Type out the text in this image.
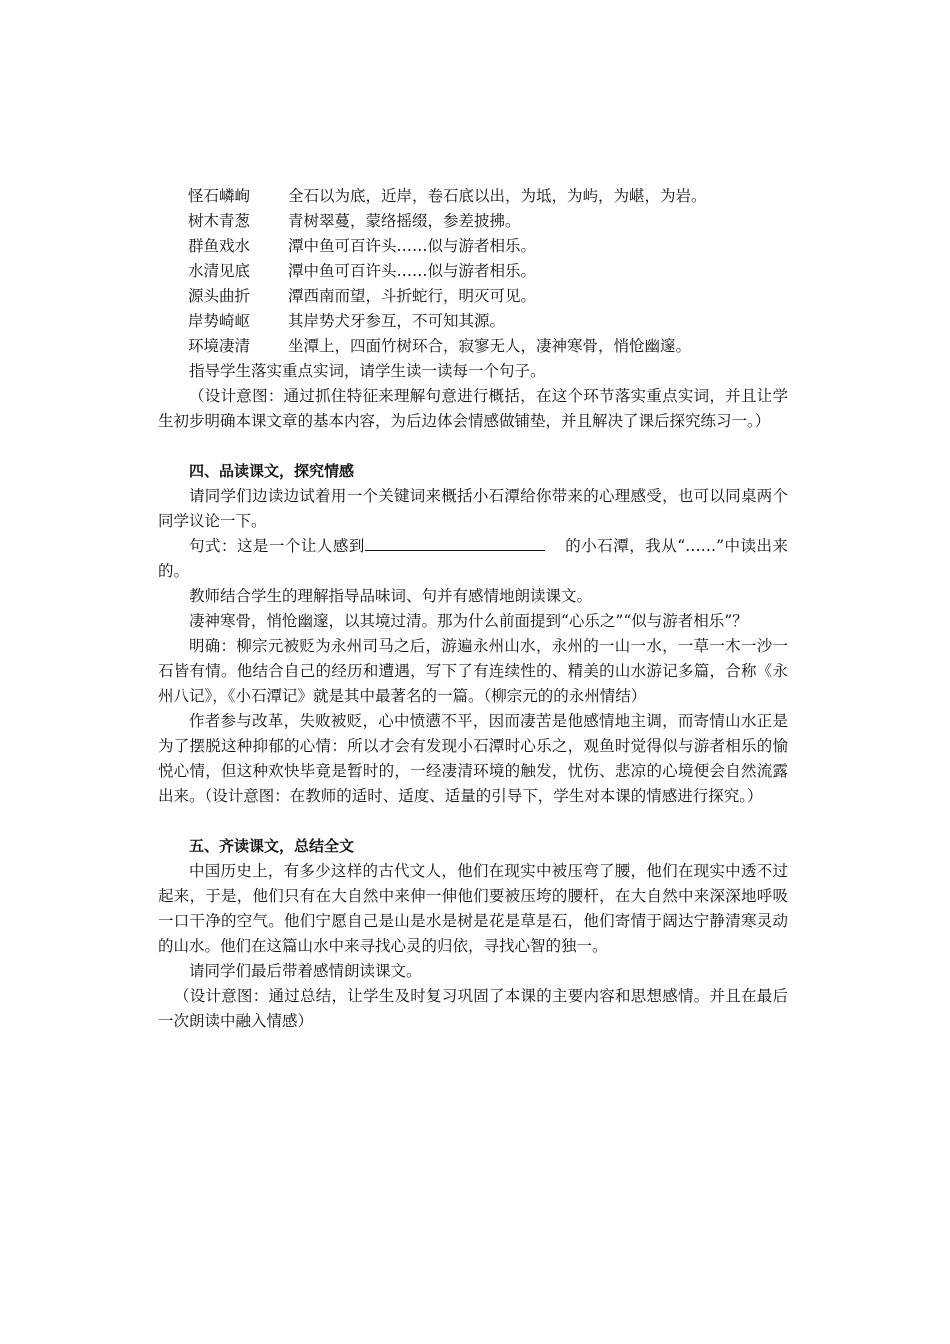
怪石嶙峋	全石以为底，近岸，卷石底以出，为坻，为屿，为嵁，为岩。
树木青葱	青树翠蔓，蒙络摇缀，参差披拂。
群鱼戏水	潭中鱼可百许头……似与游者相乐。
水清见底	潭中鱼可百许头……似与游者相乐。
源头曲折	潭西南而望，斗折蛇行，明灭可见。
岸势崎岖	其岸势犬牙参互，不可知其源。
环境凄清	坐潭上，四面竹树环合，寂寥无人，凄神寒骨，悄怆幽邃。

指导学生落实重点实词，请学生读一读每一个句子。

（设计意图：通过抓住特征来理解句意进行概括，在这个环节落实重点实词，并且让学生初步明确本课文章的基本内容，为后边体会情感做铺垫，并且解决了课后探究练习一。）

四、品读课文，探究情感

请同学们边读边试着用一个关键词来概括小石潭给你带来的心理感受，也可以同桌两个同学议论一下。

句式：这是一个让人感到	的小石潭，我从“……”中读出来的。

教师结合学生的理解指导品味词、句并有感情地朗读课文。

凄神寒骨，悄怆幽邃，以其境过清。那为什么前面提到“心乐之”“似与游者相乐”？

明确：柳宗元被贬为永州司马之后，游遍永州山水，永州的一山一水，一草一木一沙一石皆有情。他结合自己的经历和遭遇，写下了有连续性的、精美的山水游记多篇，合称《永州八记》，《小石潭记》就是其中最著名的一篇。（柳宗元的的永州情结）

作者参与改革，失败被贬，心中愤懑不平，因而凄苦是他感情地主调，而寄情山水正是为了摆脱这种抑郁的心情：所以才会有发现小石潭时心乐之，观鱼时觉得似与游者相乐的愉悦心情，但这种欢快毕竟是暂时的，一经凄清环境的触发，忧伤、悲凉的心境便会自然流露出来。（设计意图：在教师的适时、适度、适量的引导下，学生对本课的情感进行探究。）

五、齐读课文，总结全文

中国历史上，有多少这样的古代文人，他们在现实中被压弯了腰，他们在现实中透不过起来，于是，他们只有在大自然中来伸一伸他们要被压垮的腰杆，在大自然中来深深地呼吸一口干净的空气。他们宁愿自己是山是水是树是花是草是石，他们寄情于阔达宁静清寒灵动的山水。他们在这篇山水中来寻找心灵的归依，寻找心智的独一。

请同学们最后带着感情朗读课文。

（设计意图：通过总结，让学生及时复习巩固了本课的主要内容和思想感情。并且在最后一次朗读中融入情感）
